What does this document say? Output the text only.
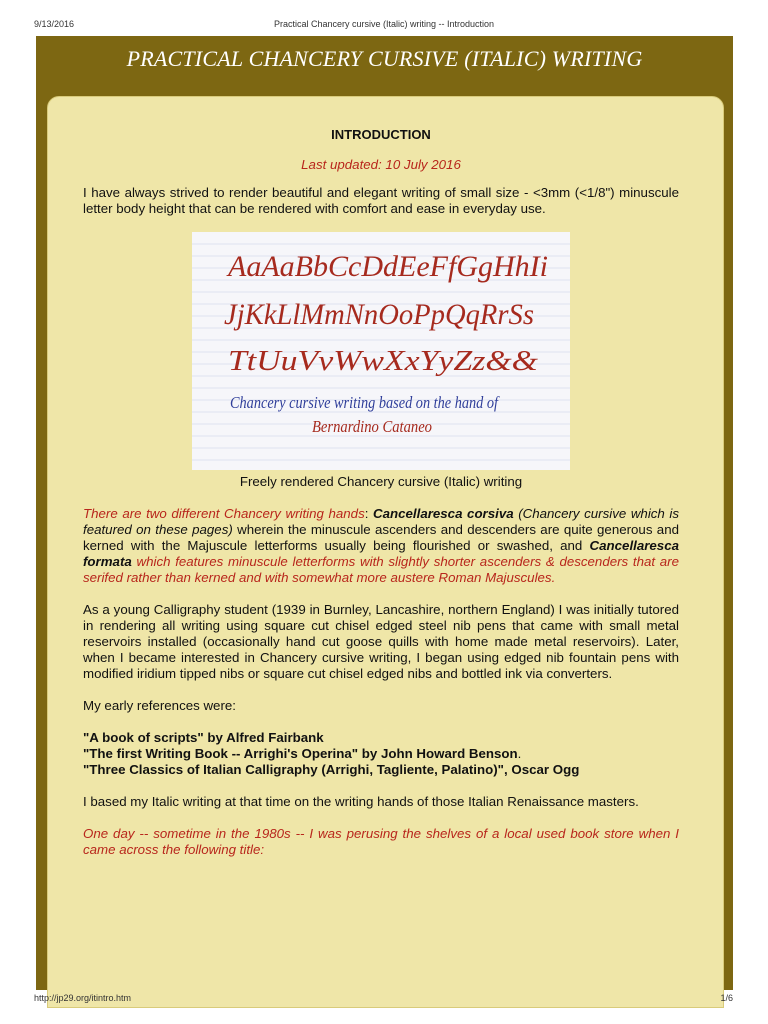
9/13/2016	Practical Chancery cursive (Italic) writing -- Introduction
PRACTICAL CHANCERY CURSIVE (ITALIC) WRITING
INTRODUCTION
Last updated: 10 July 2016

I have always strived to render beautiful and elegant writing of small size - <3mm (<1/8") minuscule letter body height that can be rendered with comfort and ease in everyday use.

AaAaBbCcDdEeFfGgHhIi
JjKkLlMmNnOoPpQqRrSs
TtUuVvWwXxYyZz&&
Chancery cursive writing based on the hand of
Bernardino Cataneo
Freely rendered Chancery cursive (Italic) writing

There are two different Chancery writing hands: Cancellaresca corsiva (Chancery cursive which is featured on these pages) wherein the minuscule ascenders and descenders are quite generous and kerned with the Majuscule letterforms usually being flourished or swashed, and Cancellaresca formata which features minuscule letterforms with slightly shorter ascenders & descenders that are serifed rather than kerned and with somewhat more austere Roman Majuscules.

As a young Calligraphy student (1939 in Burnley, Lancashire, northern England) I was initially tutored in rendering all writing using square cut chisel edged steel nib pens that came with small metal reservoirs installed (occasionally hand cut goose quills with home made metal reservoirs). Later, when I became interested in Chancery cursive writing, I began using edged nib fountain pens with modified iridium tipped nibs or square cut chisel edged nibs and bottled ink via converters.

My early references were:

"A book of scripts" by Alfred Fairbank
"The first Writing Book -- Arrighi's Operina" by John Howard Benson.
"Three Classics of Italian Calligraphy (Arrighi, Tagliente, Palatino)", Oscar Ogg

I based my Italic writing at that time on the writing hands of those Italian Renaissance masters.

One day -- sometime in the 1980s -- I was perusing the shelves of a local used book store when I came across the following title:

http://jp29.org/itintro.htm	1/6
